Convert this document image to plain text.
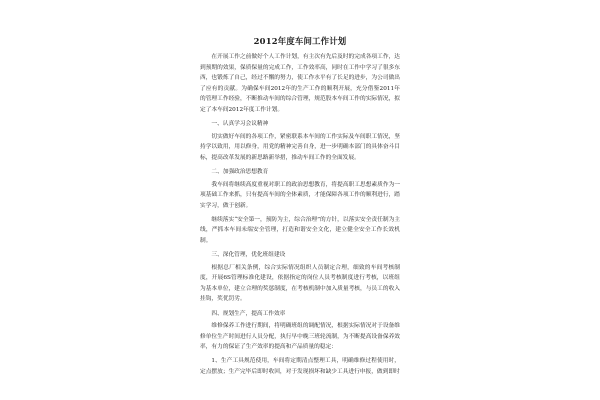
2012年度车间工作计划

在开展工作之前做好个人工作计划，有主次有先后及时的完成各项工作，达到预期的效果，保质保量的完成工作，工作效率高，同时在工作中学习了很多东西，也锻炼了自己，经过不懈的努力，使工作水平有了长足的进步，为公司做出了应有的贡献。为确保车间2012年的生产工作的顺利开展，充分借鉴2011年的管理工作经验，不断推动车间的综合管理，规范股本车间工作的实际情况，拟定了本车间2012年度工作计划。

一、认真学习会议精神

切实做好车间的各项工作，紧密联系本车间的工作实际及车间职工情况，坚持学以致用，用以修身，用党的精神完善自身，进一步明确本部门的具体奋斗目标，提高改革发展的新思路新举措，推动车间工作的全面发展。

二、加强政治思想教育

我车间将继续高度重视对职工的政治思想教育，将提高职工思想素质作为一项基础工作来抓，只有提高车间的全体素质，才能保障各项工作的顺利进行，踏实学习，做于创新。

继续落实“安全第一，预防为主，综合治理”的方针，以落实安全责任制为主线，严抓本车间未端安全管理，打造和谐安全文化，建立健全安全工作长效机制。

三、深化管理，优化班组建设

根据总厂相关条例，综合实际情况组织人员制定合理，细致的车间考核制度，开展6S管理标准化建设，依据指定的岗位人员考核制度进行考核，以班组为基本单位，建立合理的奖惩制度，在考核机制中加入质量考核，与员工的收入挂钩，奖优罚劣。

四、规划生产，提高工作效率

维修保养工作进行期间，将明确班组的调配情况，根据实际情况对于设备维修单位生产时间进行人员分配，执行早中晚三班轮流制，为不断提高设备保养效率，有力的保证了生产效率的提高和产品质量的稳定：

1、生产工具规范使用，车间将定期清点整理工具，明确维修过程使用时，定点摆放；生产完毕后即时收回，对于发现损坏和缺少工具进行申报，做到即时
